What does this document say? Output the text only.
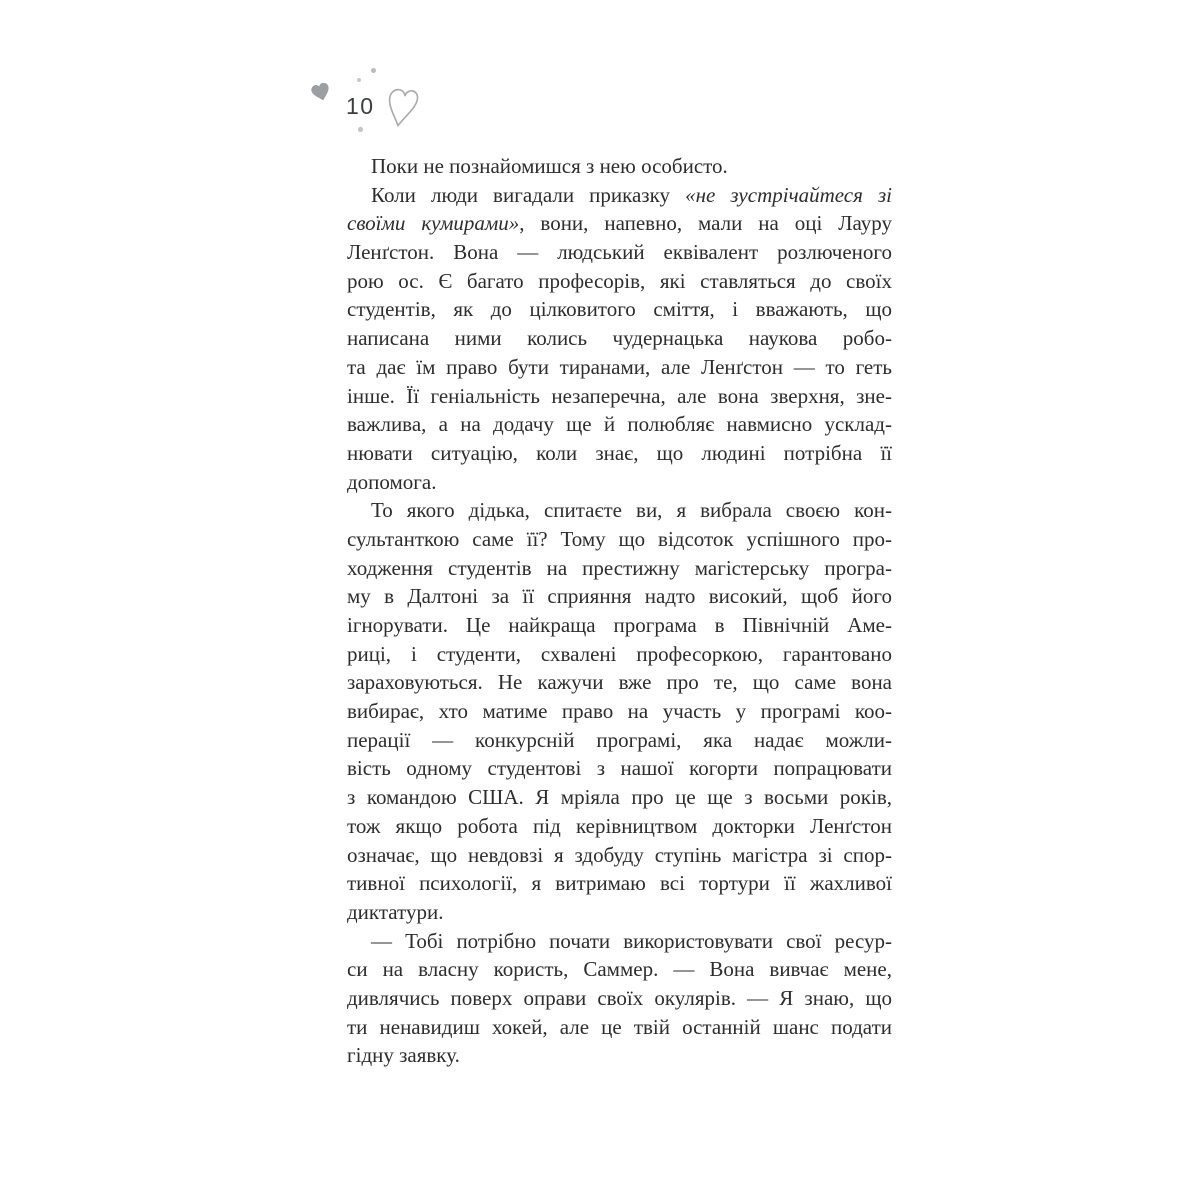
10
Поки не познайомишся з нею особисто.
Коли люди вигадали приказку «не зустрічайтеся зі
своїми кумирами», вони, напевно, мали на оці Лауру
Ленґстон. Вона — людський еквівалент розлюченого
рою ос. Є багато професорів, які ставляться до своїх
студентів, як до цілковитого сміття, і вважають, що
написана ними колись чудернацька наукова робо-
та дає їм право бути тиранами, але Ленґстон — то геть
інше. Її геніальність незаперечна, але вона зверхня, зне-
важлива, а на додачу ще й полюбляє навмисно усклад-
нювати ситуацію, коли знає, що людині потрібна її
допомога.
То якого дідька, спитаєте ви, я вибрала своєю кон-
сультанткою саме її? Тому що відсоток успішного про-
ходження студентів на престижну магістерську програ-
му в Далтоні за її сприяння надто високий, щоб його
ігнорувати. Це найкраща програма в Північній Аме-
риці, і студенти, схвалені професоркою, гарантовано
зараховуються. Не кажучи вже про те, що саме вона
вибирає, хто матиме право на участь у програмі коо-
перації — конкурсній програмі, яка надає можли-
вість одному студентові з нашої когорти попрацювати
з командою США. Я мріяла про це ще з восьми років,
тож якщо робота під керівництвом докторки Ленґстон
означає, що невдовзі я здобуду ступінь магістра зі спор-
тивної психології, я витримаю всі тортури її жахливої
диктатури.
— Тобі потрібно почати використовувати свої ресур-
си на власну користь, Саммер. — Вона вивчає мене,
дивлячись поверх оправи своїх окулярів. — Я знаю, що
ти ненавидиш хокей, але це твій останній шанс подати
гідну заявку.
